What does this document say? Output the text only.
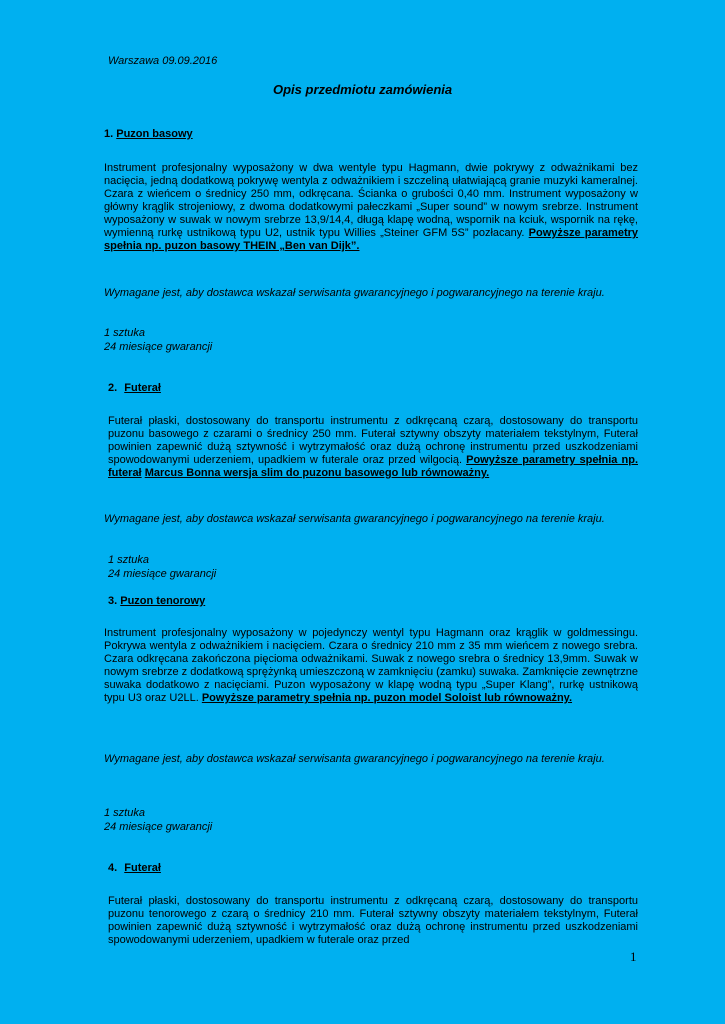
Warszawa 09.09.2016
Opis przedmiotu zamówienia
1. Puzon basowy
Instrument profesjonalny wyposażony w dwa wentyle typu Hagmann, dwie pokrywy z odważnikami bez nacięcia, jedną dodatkową pokrywę wentyla z odważnikiem i szczeliną ułatwiającą granie muzyki kameralnej. Czara z wieńcem o średnicy 250 mm, odkręcana. Ścianka o grubości 0,40 mm. Instrument wyposażony w główny krąglik strojeniowy, z dwoma dodatkowymi pałeczkami „Super sound” w nowym srebrze. Instrument wyposażony w suwak w nowym srebrze 13,9/14,4, długą klapę wodną, wspornik na kciuk, wspornik na rękę, wymienną rurkę ustnikową typu U2, ustnik typu Willies „Steiner GFM 5S” pozłacany. Powyższe parametry spełnia np. puzon basowy THEIN „Ben van Dijk”.
Wymagane jest, aby dostawca wskazał serwisanta gwarancyjnego i pogwarancyjnego na terenie kraju.
1 sztuka
24 miesiące gwarancji
2. Futerał
Futerał płaski, dostosowany do transportu instrumentu z odkręcaną czarą, dostosowany do transportu puzonu basowego z czarami o średnicy 250 mm. Futerał sztywny obszyty materiałem tekstylnym, Futerał powinien zapewnić dużą sztywność i wytrzymałość oraz dużą ochronę instrumentu przed uszkodzeniami spowodowanymi uderzeniem, upadkiem w futerale oraz przed wilgocią. Powyższe parametry spełnia np. futerał Marcus Bonna wersja slim do puzonu basowego lub równoważny.
Wymagane jest, aby dostawca wskazał serwisanta gwarancyjnego i pogwarancyjnego na terenie kraju.
1 sztuka
24 miesiące gwarancji
3. Puzon tenorowy
Instrument profesjonalny wyposażony w pojedynczy wentyl typu Hagmann oraz krąglik w goldmessingu. Pokrywa wentyla z odważnikiem i nacięciem. Czara o średnicy 210 mm z 35 mm wieńcem z nowego srebra. Czara odkręcana zakończona pięcioma odważnikami. Suwak z nowego srebra o średnicy 13,9mm. Suwak w nowym srebrze z dodatkową sprężynką umieszczoną w zamknięciu (zamku) suwaka. Zamknięcie zewnętrzne suwaka dodatkowo z nacięciami. Puzon wyposażony w klapę wodną typu „Super Klang”, rurkę ustnikową typu U3 oraz U2LL. Powyższe parametry spełnia np. puzon model Soloist lub równoważny.
Wymagane jest, aby dostawca wskazał serwisanta gwarancyjnego i pogwarancyjnego na terenie kraju.
1 sztuka
24 miesiące gwarancji
4. Futerał
Futerał płaski, dostosowany do transportu instrumentu z odkręcaną czarą, dostosowany do transportu puzonu tenorowego z czarą o średnicy 210 mm. Futerał sztywny obszyty materiałem tekstylnym, Futerał powinien zapewnić dużą sztywność i wytrzymałość oraz dużą ochronę instrumentu przed uszkodzeniami spowodowanymi uderzeniem, upadkiem w futerale oraz przed
1
